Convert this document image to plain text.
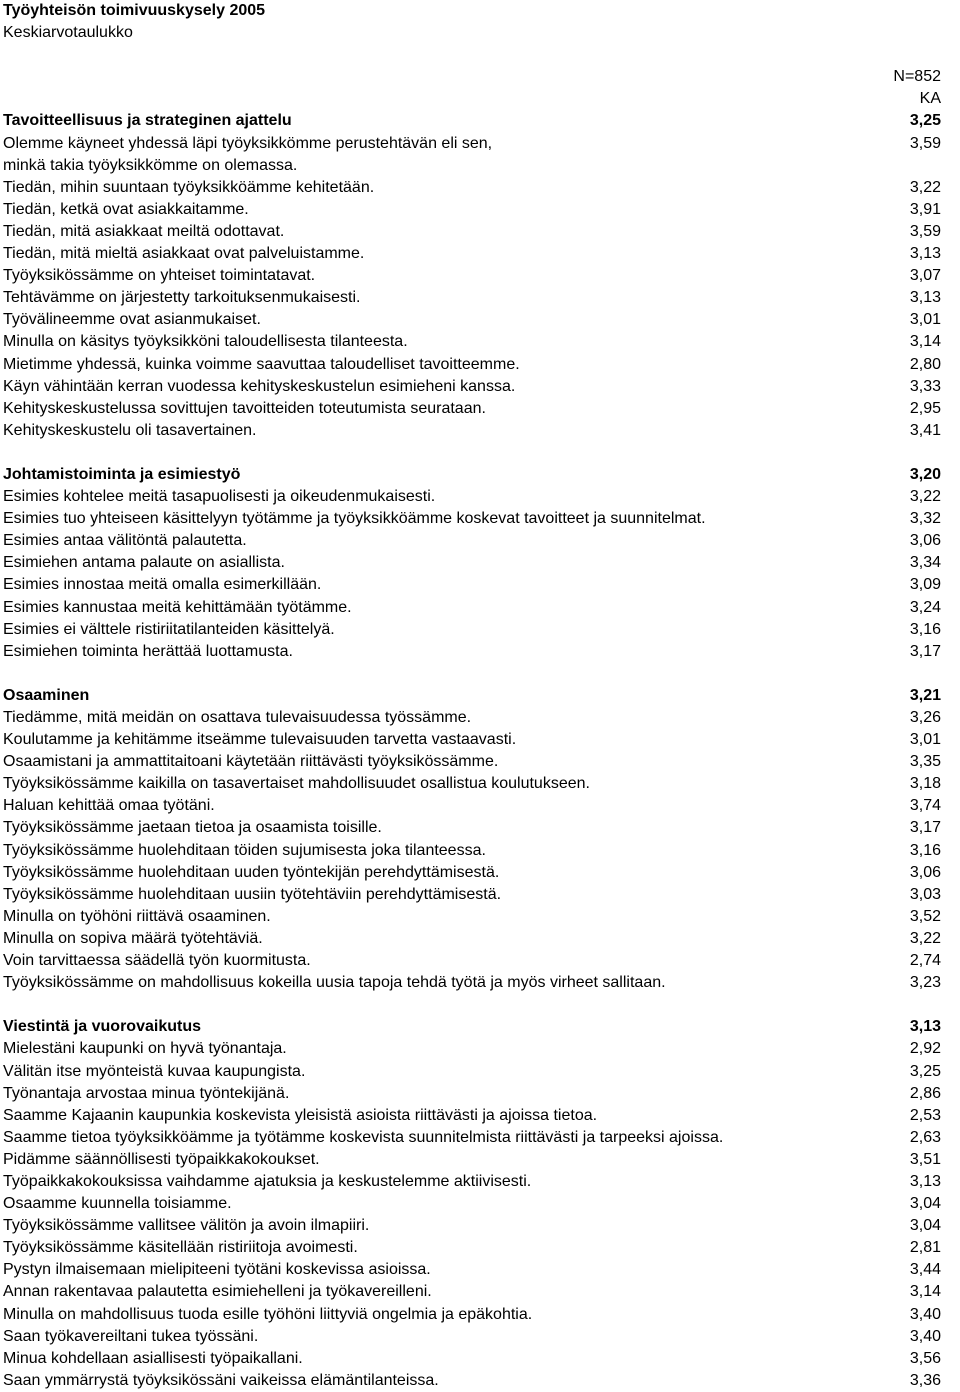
Työyhteisön toimivuuskysely 2005
Keskiarvotaulukko
N=852
KA
Tavoitteellisuus ja strateginen ajattelu	3,25
Olemme käyneet yhdessä läpi työyksikkömme perustehtävän eli sen,	3,59
minkä takia työyksikkömme on olemassa.
Tiedän, mihin suuntaan työyksikköämme kehitetään.	3,22
Tiedän, ketkä ovat asiakkaitamme.	3,91
Tiedän, mitä asiakkaat meiltä odottavat.	3,59
Tiedän, mitä mieltä asiakkaat ovat palveluistamme.	3,13
Työyksikössämme on yhteiset toimintatavat.	3,07
Tehtävämme on järjestetty tarkoituksenmukaisesti.	3,13
Työvälineemme ovat asianmukaiset.	3,01
Minulla on käsitys työyksikköni taloudellisesta tilanteesta.	3,14
Mietimme yhdessä, kuinka voimme saavuttaa taloudelliset tavoitteemme.	2,80
Käyn vähintään kerran vuodessa kehityskeskustelun esimieheni kanssa.	3,33
Kehityskeskustelussa sovittujen tavoitteiden toteutumista seurataan.	2,95
Kehityskeskustelu oli tasavertainen.	3,41
Johtamistoiminta ja esimiestyö	3,20
Esimies kohtelee meitä tasapuolisesti ja oikeudenmukaisesti.	3,22
Esimies tuo yhteiseen käsittelyyn työtämme ja työyksikköämme koskevat tavoitteet ja suunnitelmat.	3,32
Esimies antaa välitöntä palautetta.	3,06
Esimiehen antama palaute on asiallista.	3,34
Esimies innostaa meitä omalla esimerkillään.	3,09
Esimies kannustaa meitä kehittämään työtämme.	3,24
Esimies ei välttele ristiriitatilanteiden käsittelyä.	3,16
Esimiehen toiminta herättää luottamusta.	3,17
Osaaminen	3,21
Tiedämme, mitä meidän on osattava tulevaisuudessa työssämme.	3,26
Koulutamme ja kehitämme itseämme tulevaisuuden tarvetta vastaavasti.	3,01
Osaamistani ja ammattitaitoani käytetään riittävästi työyksikössämme.	3,35
Työyksikössämme kaikilla on tasavertaiset mahdollisuudet osallistua koulutukseen.	3,18
Haluan kehittää omaa työtäni.	3,74
Työyksikössämme jaetaan tietoa ja osaamista toisille.	3,17
Työyksikössämme huolehditaan töiden sujumisesta joka tilanteessa.	3,16
Työyksikössämme huolehditaan uuden työntekijän perehdyttämisestä.	3,06
Työyksikössämme huolehditaan uusiin työtehtäviin perehdyttämisestä.	3,03
Minulla on työhöni riittävä osaaminen.	3,52
Minulla on sopiva määrä työtehtäviä.	3,22
Voin tarvittaessa säädellä työn kuormitusta.	2,74
Työyksikössämme on mahdollisuus kokeilla uusia tapoja tehdä työtä ja myös virheet sallitaan.	3,23
Viestintä ja vuorovaikutus	3,13
Mielestäni kaupunki on hyvä työnantaja.	2,92
Välitän itse myönteistä kuvaa kaupungista.	3,25
Työnantaja arvostaa minua työntekijänä.	2,86
Saamme Kajaanin kaupunkia koskevista yleisistä asioista riittävästi ja ajoissa tietoa.	2,53
Saamme tietoa työyksikköämme ja työtämme koskevista suunnitelmista riittävästi ja tarpeeksi ajoissa.	2,63
Pidämme säännöllisesti työpaikkakokoukset.	3,51
Työpaikkakokouksissa vaihdamme ajatuksia ja keskustelemme aktiivisesti.	3,13
Osaamme kuunnella toisiamme.	3,04
Työyksikössämme vallitsee välitön ja avoin ilmapiiri.	3,04
Työyksikössämme käsitellään ristiriitoja avoimesti.	2,81
Pystyn ilmaisemaan mielipiteeni työtäni koskevissa asioissa.	3,44
Annan rakentavaa palautetta esimiehelleni ja työkavereilleni.	3,14
Minulla on mahdollisuus tuoda esille työhöni liittyviä ongelmia ja epäkohtia.	3,40
Saan työkavereiltani tukea työssäni.	3,40
Minua kohdellaan asiallisesti työpaikallani.	3,56
Saan ymmärrystä työyksikössäni vaikeissa elämäntilanteissa.	3,36
